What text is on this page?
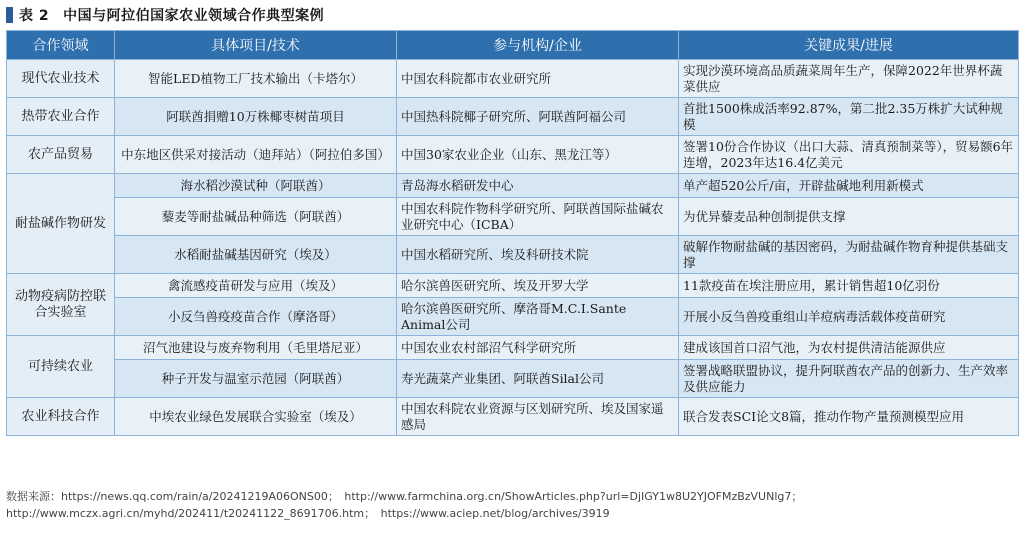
表 2 中国与阿拉伯国家农业领域合作典型案例
合作领域	具体项目/技术	参与机构/企业	关键成果/进展
现代农业技术	智能LED植物工厂技术输出（卡塔尔）	中国农科院都市农业研究所	实现沙漠环境高品质蔬菜周年生产，保障2022年世界杯蔬菜供应
热带农业合作	阿联酋捐赠10万株椰枣树苗项目	中国热科院椰子研究所、阿联酋阿福公司	首批1500株成活率92.87%，第二批2.35万株扩大试种规模
农产品贸易	中东地区供采对接活动（迪拜站）（阿拉伯多国）	中国30家农业企业（山东、黑龙江等）	签署10份合作协议（出口大蒜、清真预制菜等），贸易额6年连增，2023年达16.4亿美元
耐盐碱作物研发	海水稻沙漠试种（阿联酋）	青岛海水稻研发中心	单产超520公斤/亩，开辟盐碱地利用新模式
	藜麦等耐盐碱品种筛选（阿联酋）	中国农科院作物科学研究所、阿联酋国际盐碱农业研究中心（ICBA）	为优异藜麦品种创制提供支撑
	水稻耐盐碱基因研究（埃及）	中国水稻研究所、埃及科研技术院	破解作物耐盐碱的基因密码，为耐盐碱作物育种提供基础支撑
动物疫病防控联合实验室	禽流感疫苗研发与应用（埃及）	哈尔滨兽医研究所、埃及开罗大学	11款疫苗在埃注册应用，累计销售超10亿羽份
	小反刍兽疫疫苗合作（摩洛哥）	哈尔滨兽医研究所、摩洛哥M.C.I.Sante Animal公司	开展小反刍兽疫重组山羊痘病毒活载体疫苗研究
可持续农业	沼气池建设与废弃物利用（毛里塔尼亚）	中国农业农村部沼气科学研究所	建成该国首口沼气池，为农村提供清洁能源供应
	种子开发与温室示范园（阿联酋）	寿光蔬菜产业集团、阿联酋Silal公司	签署战略联盟协议，提升阿联酋农产品的创新力、生产效率及供应能力
农业科技合作	中埃农业绿色发展联合实验室（埃及）	中国农科院农业资源与区划研究所、埃及国家遥感局	联合发表SCI论文8篇，推动作物产量预测模型应用
数据来源：https://news.qq.com/rain/a/20241219A06ONS00；　http://www.farmchina.org.cn/ShowArticles.php?url=DjIGY1w8U2YJOFMzBzVUNlg7；http://www.mczx.agri.cn/myhd/202411/t20241122_8691706.htm；　https://www.aciep.net/blog/archives/3919
